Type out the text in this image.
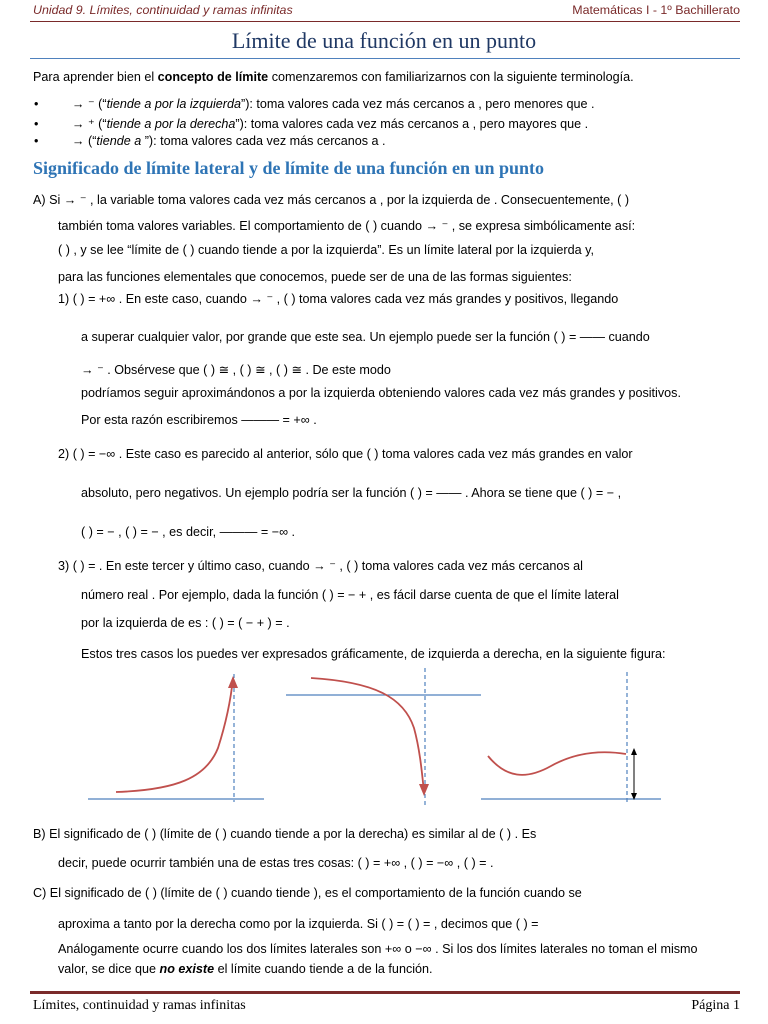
Unidad 9. Límites, continuidad y ramas infinitas	Matemáticas I - 1º Bachillerato
Límite de una función en un punto
Para aprender bien el concepto de límite comenzaremos con familiarizarnos con la siguiente terminología.
•	→ ⁻ (“tiende a por la izquierda”): toma valores cada vez más cercanos a , pero menores que .
•	→ ⁺ (“tiende a por la derecha”): toma valores cada vez más cercanos a , pero mayores que .
•	→ (“tiende a ”): toma valores cada vez más cercanos a .
Significado de límite lateral y de límite de una función en un punto
A) Si → ⁻ , la variable toma valores cada vez más cercanos a , por la izquierda de . Consecuentemente, ( )
también toma valores variables. El comportamiento de ( ) cuando → ⁻ , se expresa simbólicamente así:
( ) , y se lee “límite de ( ) cuando tiende a por la izquierda”. Es un límite lateral por la izquierda y,
para las funciones elementales que conocemos, puede ser de una de las formas siguientes:
1) ( ) = +∞ . En este caso, cuando → ⁻ , ( ) toma valores cada vez más grandes y positivos, llegando
a superar cualquier valor, por grande que este sea. Un ejemplo puede ser la función ( ) = —— cuando
→ ⁻ . Obsérvese que ( ) ≅ , ( ) ≅ , ( ) ≅ . De este modo
podríamos seguir aproximándonos a por la izquierda obteniendo valores cada vez más grandes y positivos.
Por esta razón escribiremos ——— = +∞ .
2) ( ) = −∞ . Este caso es parecido al anterior, sólo que ( ) toma valores cada vez más grandes en valor
absoluto, pero negativos. Un ejemplo podría ser la función ( ) = —— . Ahora se tiene que ( ) = − ,
( ) = − , ( ) = − , es decir, ——— = −∞ .
3) ( ) = . En este tercer y último caso, cuando → ⁻ , ( ) toma valores cada vez más cercanos al
número real . Por ejemplo, dada la función ( ) = − + , es fácil darse cuenta de que el límite lateral
por la izquierda de es : ( ) = ( − + ) = .
Estos tres casos los puedes ver expresados gráficamente, de izquierda a derecha, en la siguiente figura:
B) El significado de ( ) (límite de ( ) cuando tiende a por la derecha) es similar al de ( ) . Es
decir, puede ocurrir también una de estas tres cosas: ( ) = +∞ , ( ) = −∞ , ( ) = .
C) El significado de ( ) (límite de ( ) cuando tiende ), es el comportamiento de la función cuando se
aproxima a tanto por la derecha como por la izquierda. Si ( ) = ( ) = , decimos que ( ) =
Análogamente ocurre cuando los dos límites laterales son +∞ o −∞ . Si los dos límites laterales no toman el mismo
valor, se dice que no existe el límite cuando tiende a de la función.
Límites, continuidad y ramas infinitas	Página 1
